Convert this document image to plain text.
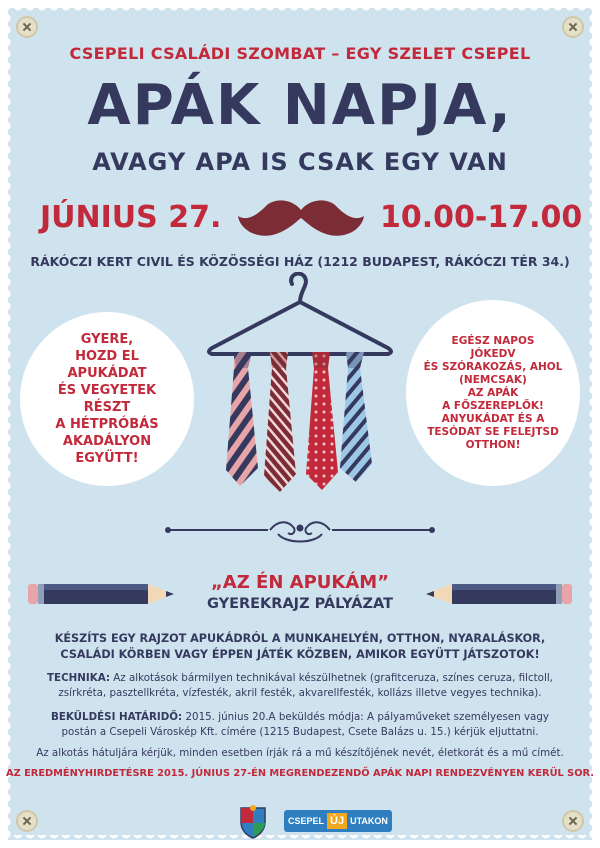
CSEPELI CSALÁDI SZOMBAT – EGY SZELET CSEPEL

APÁK NAPJA,

AVAGY APA IS CSAK EGY VAN

JÚNIUS 27.	10.00-17.00

RÁKÓCZI KERT CIVIL ÉS KÖZÖSSÉGI HÁZ (1212 BUDAPEST, RÁKÓCZI TÉR 34.)

GYERE,
HOZD EL
APUKÁDAT
ÉS VEGYETEK
RÉSZT
A HÉTPRÓBÁS
AKADÁLYON
EGYÜTT!
EGÉSZ NAPOS
JÓKEDV
ÉS SZÓRAKOZÁS, AHOL
(NEMCSAK)
AZ APÁK
A FŐSZEREPLŐK!
ANYUKÁDAT ÉS A
TESÓDAT SE FELEJTSD
OTTHON!

„AZ ÉN APUKÁM”

GYEREKRAJZ PÁLYÁZAT

KÉSZÍTS EGY RAJZOT APUKÁDRÓL A MUNKAHELYÉN, OTTHON, NYARALÁSKOR,
CSALÁDI KÖRBEN VAGY ÉPPEN JÁTÉK KÖZBEN, AMIKOR EGYÜTT JÁTSZOTOK!

TECHNIKA: Az alkotások bármilyen technikával készülhetnek (grafitceruza, színes ceruza, filctoll, zsírkréta, pasztellkréta, vízfesték, akril festék, akvarellfesték, kollázs illetve vegyes technika).

BEKÜLDÉSI HATÁRIDŐ: 2015. június 20.A beküldés módja: A pályaműveket személyesen vagy postán a Csepeli Városkép Kft. címére (1215 Budapest, Csete Balázs u. 15.) kérjük eljuttatni.

Az alkotás hátuljára kérjük, minden esetben írják rá a mű készítőjének nevét, életkorát és a mű címét.

AZ EREDMÉNYHIRDETÉSRE 2015. JÚNIUS 27-ÉN MEGRENDEZENDŐ APÁK NAPI RENDEZVÉNYEN KERÜL SOR.

CSEPEL ÚJ UTAKON
